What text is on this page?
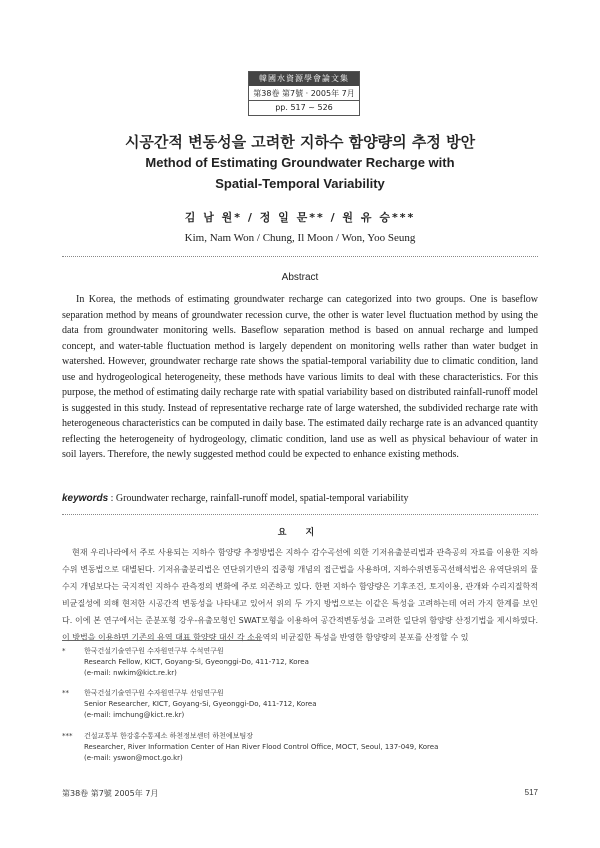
韓國水資源學會論文集
第38卷 第7號 · 2005年 7月
pp. 517 ~ 526
시공간적 변동성을 고려한 지하수 함양량의 추정 방안
Method of Estimating Groundwater Recharge with
Spatial-Temporal Variability
김 남 원* / 정 일 문** / 원 유 승***
Kim, Nam Won / Chung, Il Moon / Won, Yoo Seung
Abstract
In Korea, the methods of estimating groundwater recharge can categorized into two groups. One is baseflow separation method by means of groundwater recession curve, the other is water level fluctuation method by using the data from groundwater monitoring wells. Baseflow separation method is based on annual recharge and lumped concept, and water-table fluctuation method is largely dependent on monitoring wells rather than water budget in watershed. However, groundwater recharge rate shows the spatial-temporal variability due to climatic condition, land use and hydrogeological heterogeneity, these methods have various limits to deal with these characteristics. For this purpose, the method of estimating daily recharge rate with spatial variability based on distributed rainfall-runoff model is suggested in this study. Instead of representative recharge rate of large watershed, the subdivided recharge rate with heterogeneous characteristics can be computed in daily base. The estimated daily recharge rate is an advanced quantity reflecting the heterogeneity of hydrogeology, climatic condition, land use as well as physical behaviour of water in soil layers. Therefore, the newly suggested method could be expected to enhance existing methods.
keywords : Groundwater recharge, rainfall-runoff model, spatial-temporal variability
요 지
현재 우리나라에서 주로 사용되는 지하수 함양량 추정방법은 지하수 감수곡선에 의한 기저유출분리법과 관측공의 자료를 이용한 지하수위 변동법으로 대별된다. 기저유출분리법은 연단위기반의 집중형 개념의 접근법을 사용하며, 지하수위변동곡선해석법은 유역단위의 물수지 개념보다는 국지적인 지하수 관측정의 변화에 주로 의존하고 있다. 한편 지하수 함양량은 기후조건, 토지이용, 관개와 수리지질학적 비균질성에 의해 현저한 시공간적 변동성을 나타내고 있어서 위의 두 가지 방법으로는 이같은 특성을 고려하는데 여러 가지 한계를 보인다. 이에 본 연구에서는 준분포형 강우-유출모형인 SWAT모형을 이용하여 공간적변동성을 고려한 일단위 함양량 산정기법을 제시하였다. 이 방법을 이용하면 기존의 유역 대표 함양량 대신 각 소유역의 비균질한 특성을 반영한 함양량의 분포를 산정할 수 있
*	한국건설기술연구원 수자원연구부 수석연구원
Research Fellow, KICT, Goyang-Si, Gyeonggi-Do, 411-712, Korea
(e-mail: nwkim@kict.re.kr)
**	한국건설기술연구원 수자원연구부 선임연구원
Senior Researcher, KICT, Goyang-Si, Gyeonggi-Do, 411-712, Korea
(e-mail: imchung@kict.re.kr)
***	건설교통부 한강홍수통제소 하천정보센터 하천예보팀장
Researcher, River Information Center of Han River Flood Control Office, MOCT, Seoul, 137-049, Korea
(e-mail: yswon@moct.go.kr)
第38卷 第7號 2005年 7月	517
